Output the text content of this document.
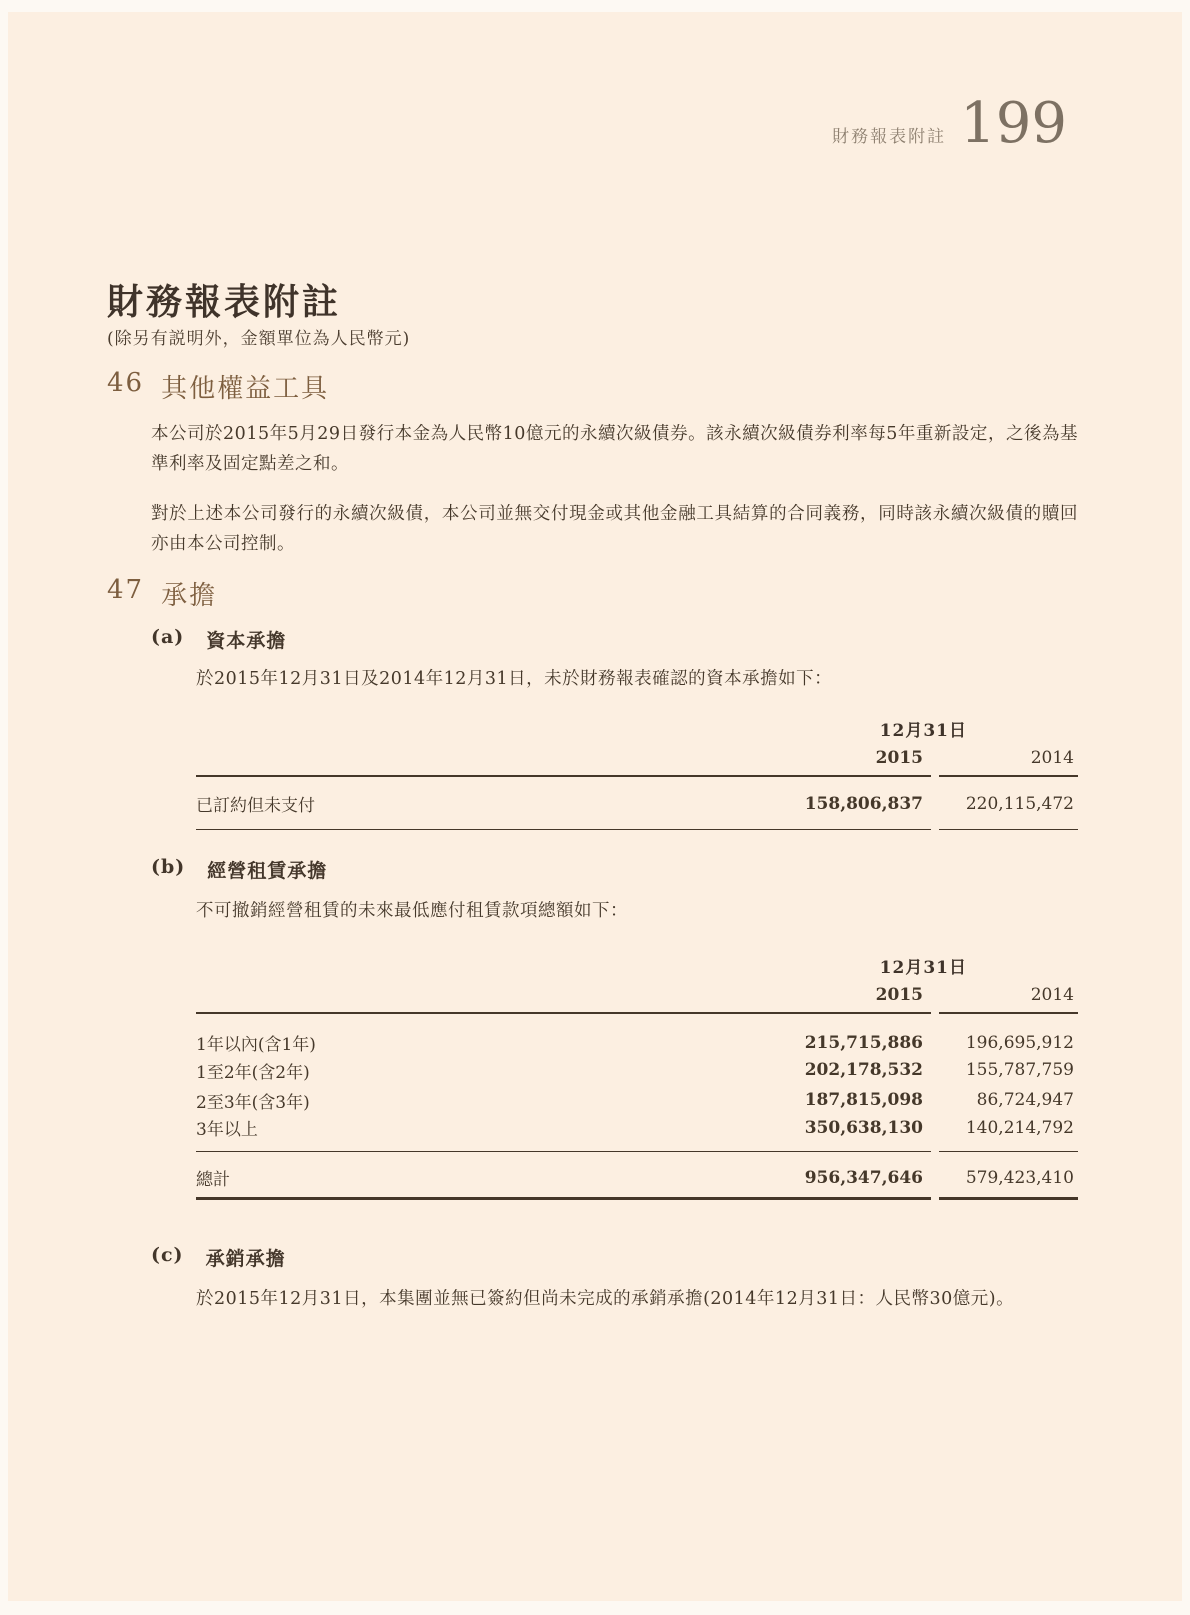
財務報表附註 199
財務報表附註
(除另有説明外，金額單位為人民幣元)
46 其他權益工具

本公司於2015年5月29日發行本金為人民幣10億元的永續次級債券。該永續次級債券利率每5年重新設定，之後為基準利率及固定點差之和。

對於上述本公司發行的永續次級債，本公司並無交付現金或其他金融工具結算的合同義務，同時該永續次級債的贖回亦由本公司控制。

47 承擔
(a) 資本承擔

於2015年12月31日及2014年12月31日，未於財務報表確認的資本承擔如下：

12月31日
	2015		2014
已訂約但未支付	158,806,837		220,115,472
(b) 經營租賃承擔

不可撤銷經營租賃的未來最低應付租賃款項總額如下：

12月31日
	2015		2014
1年以內(含1年)	215,715,886		196,695,912
1至2年(含2年)	202,178,532		155,787,759
2至3年(含3年)	187,815,098		86,724,947
3年以上	350,638,130		140,214,792
總計	956,347,646		579,423,410
(c) 承銷承擔

於2015年12月31日，本集團並無已簽約但尚未完成的承銷承擔(2014年12月31日：人民幣30億元)。
